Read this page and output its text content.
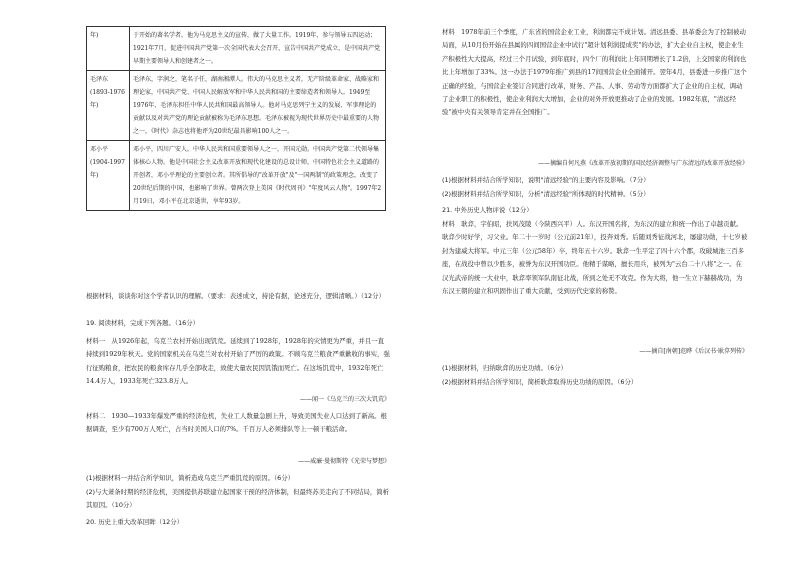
年)	于开始的著名学者。他为马克思主义的宣传，做了大量工作。1919年，参与领导五四运动；1921年7月，促进中国共产党第一次全国代表大会召开，宣告中国共产党成立，是中国共产党早期主要领导人和创建者之一。
毛泽东 (1893-1976年)	毛泽东，字润之，笔名子任，湖南湘潭人。伟大的马克思主义者，无产阶级革命家、战略家和理论家，中国共产党、中国人民解放军和中华人民共和国的主要缔造者和领导人。1949至1976年，毛泽东担任中华人民共和国最高领导人。他对马克思列宁主义的发展、军事理论的贡献以及对共产党的理论贡献被称为毛泽东思想。毛泽东被视为现代世界历史中最重要的人物之一，《时代》杂志也将他评为20世纪最具影响100人之一。
邓小平 (1904-1997年)	邓小平，四川广安人。中华人民共和国重要领导人之一，开国元勋。中国共产党第二代领导集体核心人物。他是中国社会主义改革开放和现代化建设的总设计师，中国特色社会主义道路的开创者，邓小平理论的主要创立者。其所倡导的"改革开放"及"一国两制"的政策理念，改变了20世纪后期的中国，也影响了世界。曾两次登上美国《时代周刊》"年度风云人物"。1997年2月19日，邓小平在北京逝世，享年93岁。
根据材料，谈谈你对这个学者认识的理解。（要求：表述成文，持论有据，论述充分，逻辑清晰。）（12分）
19. 阅读材料，完成下列各题。（16分）
材料一　从1926年起，乌克兰农村开始出现饥荒。延续到了1928年，1928年的灾情更为严重，并且一直持续到1929年秋天。党的国家机关在乌克兰对农村开始了严厉的政策。不顾乌克兰粮食严重歉收的事实，强行征购粮食，把农民的粮食库存几乎全部收走，致使大量农民因饥饿而死亡。在这场饥荒中，1932年死亡14.4万人，1933年死亡323.8万人。
——闻一《乌克兰的三次大饥荒》
材料二　1930—1933年爆发严重的经济危机，失业工人数量急剧上升，导致美国失业人口达到了新高。根据调查，至少有700万人死亡，占当时美国人口的7%。千百万人必须排队等上一顿干粮活命。
——威廉·曼彻斯特《光荣与梦想》
(1)根据材料一并结合所学知识，简析造成乌克兰严重饥荒的原因。（6分）
(2)与大萧条时期的经济危机，美国提供苏联建立起国家干预的经济体制，但最终苏美走向了不同结局，简析其原因。（10分）
20. 历史上重大改革回眸（12分）
材料　1978年前三个季度，广东省的国营企业工业，利润都完不成计划。清远县委、县革委会为了控制被动局面，从10月份开始在县属的四间国营企业中试行"超计划利润提成奖"的办法，扩大企业自主权，使企业生产积极性大大提高，经过三个月试验，到年底时，四个厂的利润比上年同期增长了1.2倍，上交国家的利润也比上年增加了33%。这一办法于1979年推广到县的17间国营企业全面铺开。翌年4月，县委进一步推广这个正确的经验，与国营企业签订合同进行改革，财务、产品、人事、劳动等方面都扩大了企业的自主权，调动了企业职工的积极性，使企业利润大大增加，企业的对外开放更推动了企业的发展。1982年底，"清远经验"被中央有关领导肯定并在全国推广。
——摘编自何凡燕《改革开放初期的国民经济调整与广东清远的改革开放经验》
(1)根据材料并结合所学知识，说明"清远经验"的主要内容及影响。（7分）
(2)根据材料并结合所学知识，分析"清远经验"所体现的时代精神。（5分）
21. 中外历史人物评说（12分）
材料　耿弇，字伯昭，扶风茂陵（今陕西兴平）人。东汉开国名将，为东汉的建立和统一作出了卓越贡献。耿弇少时好学，习父业。年二十一岁时（公元前21年），投奔刘秀。后随刘秀征战河北，屡建功勋，十七岁被封为建威大将军。中元三年（公元58年）卒，终年五十六岁。耿弇一生平定了四十六个郡，攻破城池三百多座，在战役中曾以少胜多，被誉为东汉开国功臣。他精于谋略，擅长用兵，被列为"云台二十八将"之一。在汉光武帝的统一大业中，耿弇率领军队南征北战，所到之处无不攻克。作为大将，他一生立下赫赫战功，为东汉王朝的建立和巩固作出了重大贡献，受到历代史家的称赞。
——摘自[南朝]范晔《后汉书·耿弇列传》
(1)根据材料，归纳耿弇的历史功绩。（6分）
(2)根据材料并结合所学知识，简析耿弇取得历史功绩的原因。（6分）
